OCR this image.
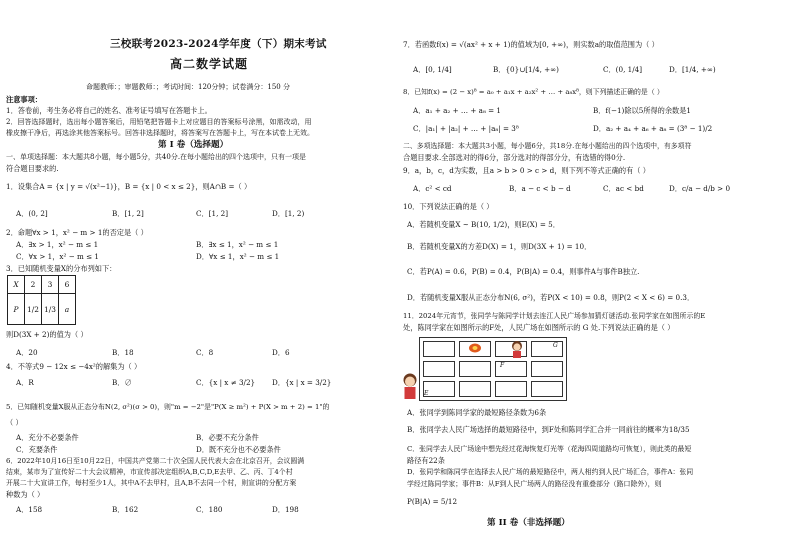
三校联考2023-2024学年度（下）期末考试
高二数学试题
命题教师：；审题教师：；考试时间：120分钟；试卷满分：150 分
注意事项：
1．答卷前，考生务必将自己的姓名、准考证号填写在答题卡上。
2．回答选择题时，选出每小题答案后，用铅笔把答题卡上对应题目的答案标号涂黑，如需改动，用
橡皮擦干净后，再选涂其他答案标号。回答非选择题时，将答案写在答题卡上，写在本试卷上无效。
第 I 卷（选择题）
一、单项选择题：本大题共8小题，每小题5分，共40分.在每小题给出的四个选项中，只有一项是
符合题目要求的.
1．设集合A = {x | y = √(x²−1)}，B = {x | 0 < x ≤ 2}，则A∩B =（ ）
A．(0, 2]	B．[1, 2]	C．[1, 2]	D．[1, 2)
2．命题∀x > 1，x² − m > 1的否定是（ ）
A．∃x > 1，x² − m ≤ 1	B．∃x ≤ 1，x² − m ≤ 1
C．∀x > 1，x² − m ≤ 1	D．∀x ≤ 1，x² − m ≤ 1
3．已知随机变量X的分布列如下：
X	2	3	6
P	1/2	1/3	a
则D(3X + 2)的值为（ ）
A．20	B．18	C．8	D．6
4．不等式9 − 12x ≤ −4x²的解集为（ ）
A．R	B．∅	C．{x | x ≠ 3/2} D．{x | x = 3/2}
5．已知随机变量X服从正态分布N(2, σ²)(σ > 0)，则"m = −2"是"P(X ≥ m²) + P(X > m + 2) = 1"的
（ ）
A．充分不必要条件	B．必要不充分条件
C．充要条件	D．既不充分也不必要条件
6．2022年10月16日至10月22日，中国共产党第二十次全国人民代表大会在北京召开，会议圆满
结束，某市为了宣传好二十大会议精神，市宣传部决定组织A,B,C,D,E去甲、乙、丙、丁4个村
开展二十大宣讲工作，每村至少1人，其中A不去甲村，且A,B不去同一个村，则宣讲的分配方案
种数为（ ）
A．158	B．162	C．180	D．198
7．若函数f(x) = √(ax² + x + 1)的值域为[0, +∞)，则实数a的取值范围为（ ）
A．[0, 1/4]	B．{0}∪[1/4, +∞)	C．(0, 1/4]	D．[1/4, +∞)
8．已知f(x) = (2 − x)⁸ = a₀ + a₁x + a₂x² + … + a₈x⁸，则下列描述正确的是（ ）
A．a₁ + a₂ + … + a₈ = 1	B．f(−1)除以5所得的余数是1
C．|a₁| + |a₂| + … + |a₈| = 3⁸	D．a₂ + a₄ + a₆ + a₈ = (3⁸ − 1)/2
二、多项选择题：本大题共3小题，每小题6分，共18分.在每小题给出的四个选项中，有多项符
合题目要求.全部选对的得6分，部分选对的得部分分，有选错的得0分.
9．a，b，c，d为实数，且a > b > 0 > c > d，则下列不等式正确的有（ ）
A．c² < cd	B．a − c < b − d	C．ac < bd	D．c/a − d/b > 0
10．下列说法正确的是（ ）
A．若随机变量X ~ B(10, 1/2)，则E(X) = 5．
B．若随机变量X的方差D(X) = 1，则D(3X + 1) = 10．
C．若P(A) = 0.6，P(B) = 0.4，P(B|A) = 0.4，则事件A与事件B独立.
D．若随机变量X服从正态分布N(6, σ²)，若P(X < 10) = 0.8，则P(2 < X < 6) = 0.3．
11．2024年元宵节，张同学与陈同学计划去连江人民广场参加猜灯谜活动.张同学家在如图所示的E
处，陈同学家在如图所示的F处，人民广场在如图所示的 G 处.下列说法正确的是（ ）
G
F
E
A．张同学到陈同学家的最短路径条数为6条
B．张同学去人民广场选择的最短路径中，到F处和陈同学汇合并一同前往的概率为18/35
C．张同学去人民广场途中想先经过花海恢复灯光等（花海四周道路均可恢复），则此类的最短
路径有22条
D．张同学和陈同学在选择去人民广场的最短路径中，两人相约到人民广场汇合，事件A：张同
学经过陈同学家；事件B：从F到人民广场两人的路径没有重叠部分（路口除外），则
P(B|A) = 5/12
第 II 卷（非选择题）
